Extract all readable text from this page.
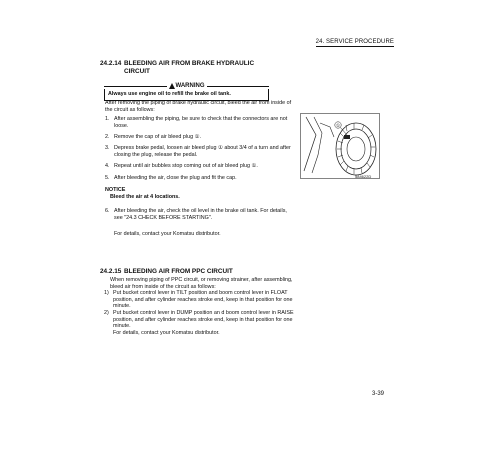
24. SERVICE PROCEDURE
24.2.14 BLEEDING AIR FROM BRAKE HYDRAULIC
CIRCUIT
WARNING
Always use engine oil to refill the brake oil tank.
After removing the piping of brake hydraulic circuit, bleed the air from inside of the circuit as follows:
1. After assembling the piping, be sure to check that the connectors are not loose.
2. Remove the cap of air bleed plug ①.
3. Depress brake pedal, loosen air bleed plug ① about 3/4 of a turn and after closing the plug, release the pedal.
4. Repeat until air bubbles stop coming out of air bleed plug ①.
5. After bleeding the air, close the plug and fit the cap.
NOTICE
Bleed the air at 4 locations.
6. After bleeding the air, check the oil level in the brake oil tank. For details, see "24.3 CHECK BEFORE STARTING".
For details, contact your Komatsu distributor.
①
584622D
24.2.15 BLEEDING AIR FROM PPC CIRCUIT
When removing piping of PPC circuit, or removing strainer, after assembling, bleed air from inside of the circuit as follows:
1) Put bucket control lever in TILT position and boom control lever in FLOAT position, and after cylinder reaches stroke end, keep in that position for one minute.
2) Put bucket control lever in DUMP position an d boom control lever in RAISE position, and after cylinder reaches stroke end, keep in that position for one minute.
For details, contact your Komatsu distributor.
3-39
